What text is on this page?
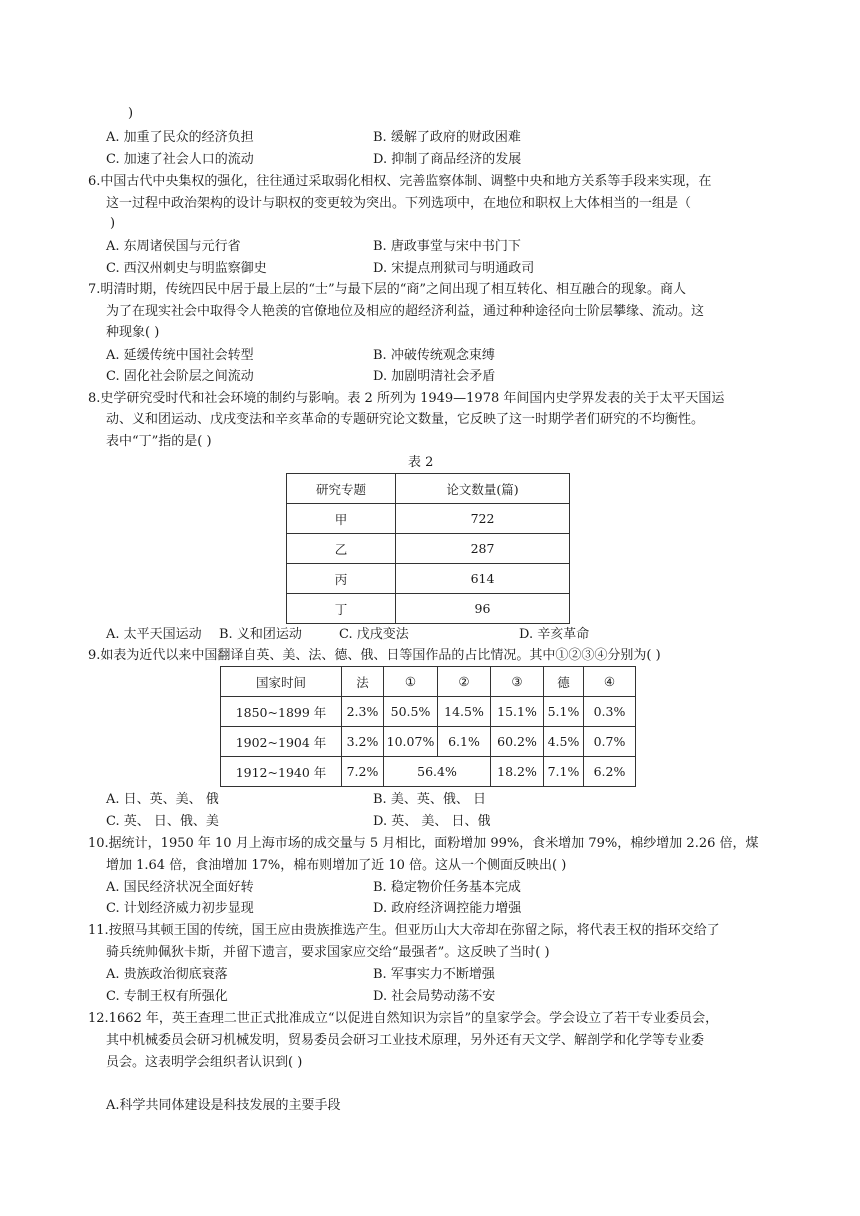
)
A. 加重了民众的经济负担	B. 缓解了政府的财政困难
C. 加速了社会人口的流动	D. 抑制了商品经济的发展
6.中国古代中央集权的强化，往往通过采取弱化相权、完善监察体制、调整中央和地方关系等手段来实现，在
这一过程中政治架构的设计与职权的变更较为突出。下列选项中，在地位和职权上大体相当的一组是（
)
A. 东周诸侯国与元行省	B. 唐政事堂与宋中书门下
C. 西汉州刺史与明监察御史	D. 宋提点刑狱司与明通政司
7.明清时期，传统四民中居于最上层的“士”与最下层的“商”之间出现了相互转化、相互融合的现象。商人
为了在现实社会中取得令人艳羡的官僚地位及相应的超经济利益，通过种种途径向士阶层攀缘、流动。这
种现象( )
A. 延缓传统中国社会转型	B. 冲破传统观念束缚
C. 固化社会阶层之间流动	D. 加剧明清社会矛盾
8.史学研究受时代和社会环境的制约与影响。表 2 所列为 1949—1978 年间国内史学界发表的关于太平天国运
动、义和团运动、戊戌变法和辛亥革命的专题研究论文数量，它反映了这一时期学者们研究的不均衡性。
表中“丁”指的是( )
表 2
研究专题	论文数量(篇)
甲	722
乙	287
丙	614
丁	96
A. 太平天国运动 B. 义和团运动	C. 戊戌变法	D. 辛亥革命
9.如表为近代以来中国翻译自英、美、法、德、俄、日等国作品的占比情况。其中①②③④分别为( )
国家时间	法	①	②	③	德	④
1850~1899 年	2.3%	50.5%	14.5%	15.1%	5.1%	0.3%
1902~1904 年	3.2%	10.07%	6.1%	60.2%	4.5%	0.7%
1912~1940 年	7.2%	56.4%		18.2%	7.1%	6.2%
A. 日、英、美、 俄	B. 美、英、俄、 日
C. 英、 日、俄、美	D. 英、 美、 日、俄
10.据统计，1950 年 10 月上海市场的成交量与 5 月相比，面粉增加 99%，食米增加 79%，棉纱增加 2.26 倍，煤
增加 1.64 倍，食油增加 17%，棉布则增加了近 10 倍。这从一个侧面反映出( )
A. 国民经济状况全面好转	B. 稳定物价任务基本完成
C. 计划经济威力初步显现	D. 政府经济调控能力增强
11.按照马其顿王国的传统，国王应由贵族推选产生。但亚历山大大帝却在弥留之际，将代表王权的指环交给了
骑兵统帅佩狄卡斯，并留下遗言，要求国家应交给“最强者”。这反映了当时( )
A. 贵族政治彻底衰落	B. 军事实力不断增强
C. 专制王权有所强化	D. 社会局势动荡不安
12.1662 年，英王查理二世正式批准成立“以促进自然知识为宗旨”的皇家学会。学会设立了若干专业委员会，
其中机械委员会研习机械发明，贸易委员会研习工业技术原理，另外还有天文学、解剖学和化学等专业委
员会。这表明学会组织者认识到( )
A.科学共同体建设是科技发展的主要手段
